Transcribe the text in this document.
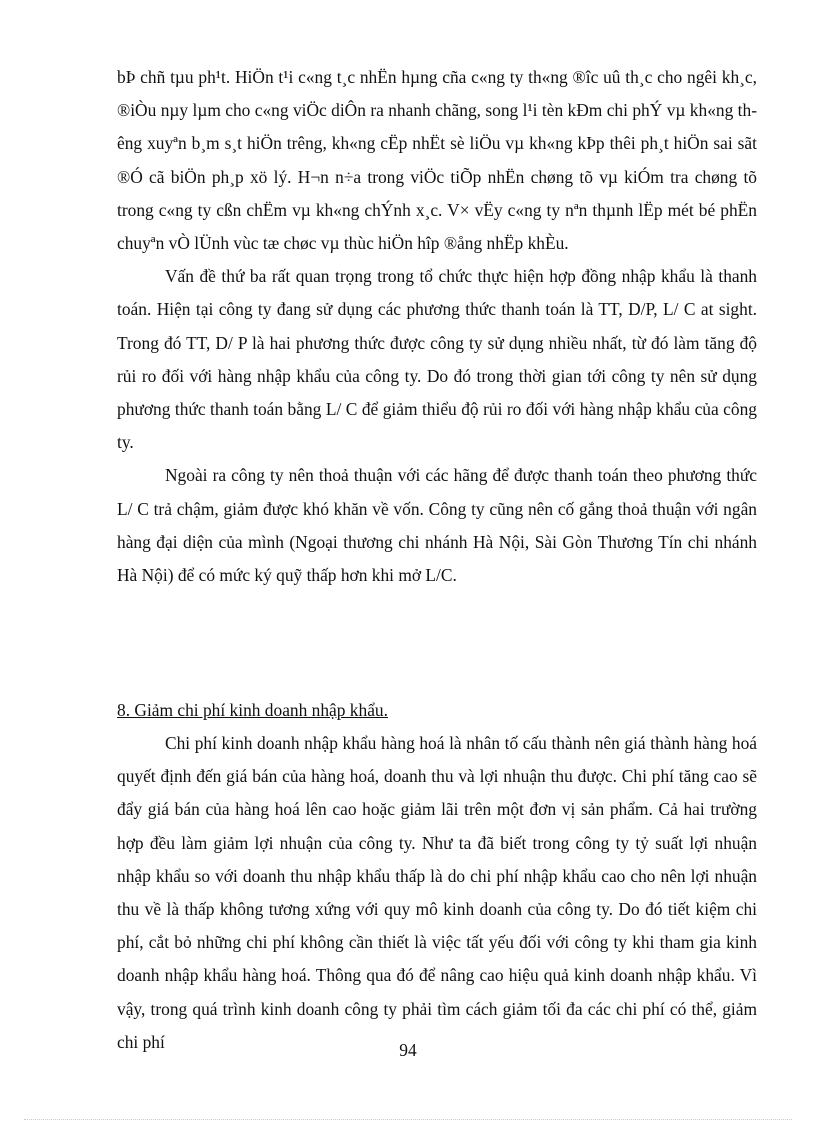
bÞ chñ tµu ph¹t. HiÖn t¹i c«ng t¸c nhËn hµng cña c«ng ty th«ng ®îc uû th¸c cho ngêi kh¸c, ®iÒu nµy lµm cho c«ng viÖc diÔn ra nhanh chãng, song l¹i tèn kÐm chi phÝ vµ kh«ng thêng xuyªn b¸m s¸t hiÖn trêng, kh«ng cËp nhËt sè liÖu vµ kh«ng kÞp thêi ph¸t hiÖn sai sãt ®Ó cã biÖn ph¸p xö lý. H¬n n÷a trong viÖc tiÕp nhËn chøng tõ vµ kiÓm tra chøng tõ trong c«ng ty cßn chËm vµ kh«ng chÝnh x¸c. V× vËy c«ng ty nªn thµnh lËp mét bé phËn chuyªn vÒ lÜnh vùc tæ chøc vµ thùc hiÖn hîp ®ång nhËp khÈu.

Vấn đề thứ ba rất quan trọng trong tổ chức thực hiện hợp đồng nhập khẩu là thanh toán. Hiện tại công ty đang sử dụng các phương thức thanh toán là TT, D/P, L/ C at sight. Trong đó TT, D/ P là hai phương thức được công ty sử dụng nhiều nhất, từ đó làm tăng độ rủi ro đối với hàng nhập khẩu của công ty. Do đó trong thời gian tới công ty nên sử dụng phương thức thanh toán bằng L/ C để giảm thiểu độ rủi ro đối với hàng nhập khẩu của công ty.

Ngoài ra công ty nên thoả thuận với các hãng để được thanh toán theo phương thức L/ C trả chậm, giảm được khó khăn về vốn. Công ty cũng nên cố gắng thoả thuận với ngân hàng đại diện của mình (Ngoại thương chi nhánh Hà Nội, Sài Gòn Thương Tín chi nhánh Hà Nội) để có mức ký quỹ thấp hơn khi mở L/C.

8. Giảm chi phí kinh doanh nhập khẩu.

Chi phí kinh doanh nhập khẩu hàng hoá là nhân tố cấu thành nên giá thành hàng hoá quyết định đến giá bán của hàng hoá, doanh thu và lợi nhuận thu được. Chi phí tăng cao sẽ đẩy giá bán của hàng hoá lên cao hoặc giảm lãi trên một đơn vị sản phẩm. Cả hai trường hợp đều làm giảm lợi nhuận của công ty. Như ta đã biết trong công ty tỷ suất lợi nhuận nhập khẩu so với doanh thu nhập khẩu thấp là do chi phí nhập khẩu cao cho nên lợi nhuận thu về là thấp không tương xứng với quy mô kinh doanh của công ty. Do đó tiết kiệm chi phí, cắt bỏ những chi phí không cần thiết là việc tất yếu đối với công ty khi tham gia kinh doanh nhập khẩu hàng hoá. Thông qua đó để nâng cao hiệu quả kinh doanh nhập khẩu. Vì vậy, trong quá trình kinh doanh công ty phải tìm cách giảm tối đa các chi phí có thể, giảm chi phí	94
